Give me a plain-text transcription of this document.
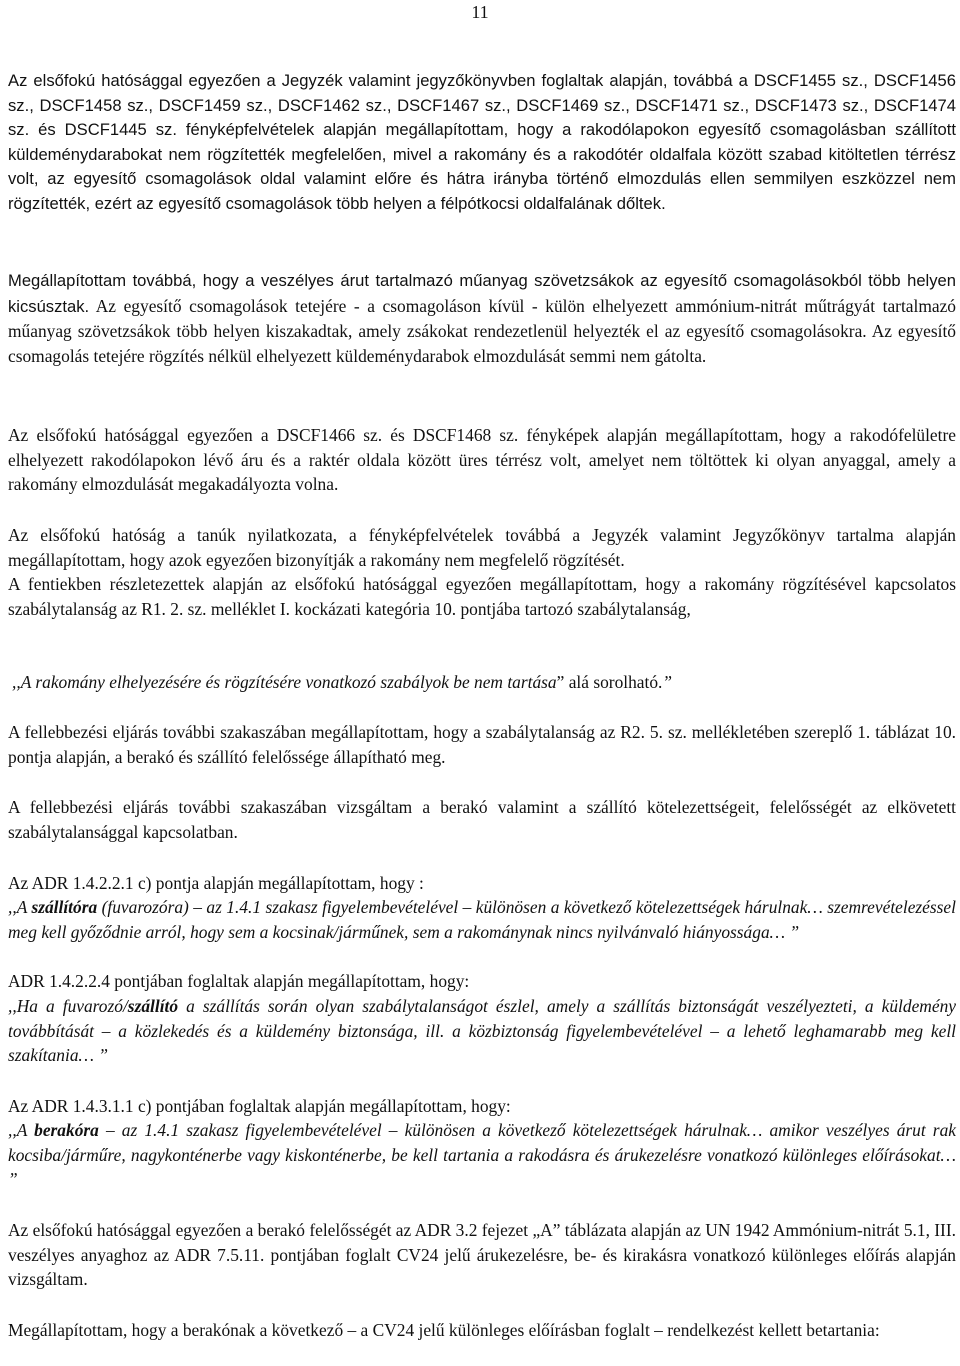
11

Az elsőfokú hatósággal egyezően a Jegyzék valamint jegyzőkönyvben foglaltak alapján, továbbá a DSCF1455 sz., DSCF1456 sz., DSCF1458 sz., DSCF1459 sz., DSCF1462 sz., DSCF1467 sz., DSCF1469 sz., DSCF1471 sz., DSCF1473 sz., DSCF1474 sz. és DSCF1445 sz. fényképfelvételek alapján megállapítottam, hogy a rakodólapokon egyesítő csomagolásban szállított küldeménydarabokat nem rögzítették megfelelően, mivel a rakomány és a rakodótér oldalfala között szabad kitöltetlen térrész volt, az egyesítő csomagolások oldal valamint előre és hátra irányba történő elmozdulás ellen semmilyen eszközzel nem rögzítették, ezért az egyesítő csomagolások több helyen a félpótkocsi oldalfalának dőltek.

Megállapítottam továbbá, hogy a veszélyes árut tartalmazó műanyag szövetzsákok az egyesítő csomagolásokból több helyen kicsúsztak. Az egyesítő csomagolások tetejére - a csomagoláson kívül - külön elhelyezett ammónium-nitrát műtrágyát tartalmazó műanyag szövetzsákok több helyen kiszakadtak, amely zsákokat rendezetlenül helyezték el az egyesítő csomagolásokra. Az egyesítő csomagolás tetejére rögzítés nélkül elhelyezett küldeménydarabok elmozdulását semmi nem gátolta.

Az elsőfokú hatósággal egyezően a DSCF1466 sz. és DSCF1468 sz. fényképek alapján megállapítottam, hogy a rakodófelületre elhelyezett rakodólapokon lévő áru és a raktér oldala között üres térrész volt, amelyet nem töltöttek ki olyan anyaggal, amely a rakomány elmozdulását megakadályozta volna.

Az elsőfokú hatóság a tanúk nyilatkozata, a fényképfelvételek továbbá a Jegyzék valamint Jegyzőkönyv tartalma alapján megállapítottam, hogy azok egyezően bizonyítják a rakomány nem megfelelő rögzítését.

A fentiekben részletezettek alapján az elsőfokú hatósággal egyezően megállapítottam, hogy a rakomány rögzítésével kapcsolatos szabálytalanság az R1. 2. sz. melléklet I. kockázati kategória 10. pontjába tartozó szabálytalanság,

,,A rakomány elhelyezésére és rögzítésére vonatkozó szabályok be nem tartása” alá sorolható.”

A fellebbezési eljárás további szakaszában megállapítottam, hogy a szabálytalanság az R2. 5. sz. mellékletében szereplő 1. táblázat 10. pontja alapján, a berakó és szállító felelőssége állapítható meg.

A fellebbezési eljárás további szakaszában vizsgáltam a berakó valamint a szállító kötelezettségeit, felelősségét az elkövetett szabálytalansággal kapcsolatban.

Az ADR 1.4.2.2.1 c) pontja alapján megállapítottam, hogy :

,,A szállítóra (fuvarozóra) – az 1.4.1 szakasz figyelembevételével – különösen a következő kötelezettségek hárulnak… szemrevételezéssel meg kell győződnie arról, hogy sem a kocsinak/járműnek, sem a rakománynak nincs nyilvánvaló hiányossága… ”

ADR 1.4.2.2.4 pontjában foglaltak alapján megállapítottam, hogy:

,,Ha a fuvarozó/szállító a szállítás során olyan szabálytalanságot észlel, amely a szállítás biztonságát veszélyezteti, a küldemény továbbítását – a közlekedés és a küldemény biztonsága, ill. a közbiztonság figyelembevételével – a lehető leghamarabb meg kell szakítania… ”

Az ADR 1.4.3.1.1 c) pontjában foglaltak alapján megállapítottam, hogy:

,,A berakóra – az 1.4.1 szakasz figyelembevételével – különösen a következő kötelezettségek hárulnak… amikor veszélyes árut rak kocsiba/járműre, nagykonténerbe vagy kiskonténerbe, be kell tartania a rakodásra és árukezelésre vonatkozó különleges előírásokat… ”

Az elsőfokú hatósággal egyezően a berakó felelősségét az ADR 3.2 fejezet „A” táblázata alapján az UN 1942 Ammónium-nitrát 5.1, III. veszélyes anyaghoz az ADR 7.5.11. pontjában foglalt CV24 jelű árukezelésre, be- és kirakásra vonatkozó különleges előírás alapján vizsgáltam.

Megállapítottam, hogy a berakónak a következő – a CV24 jelű különleges előírásban foglalt – rendelkezést kellett betartania:
